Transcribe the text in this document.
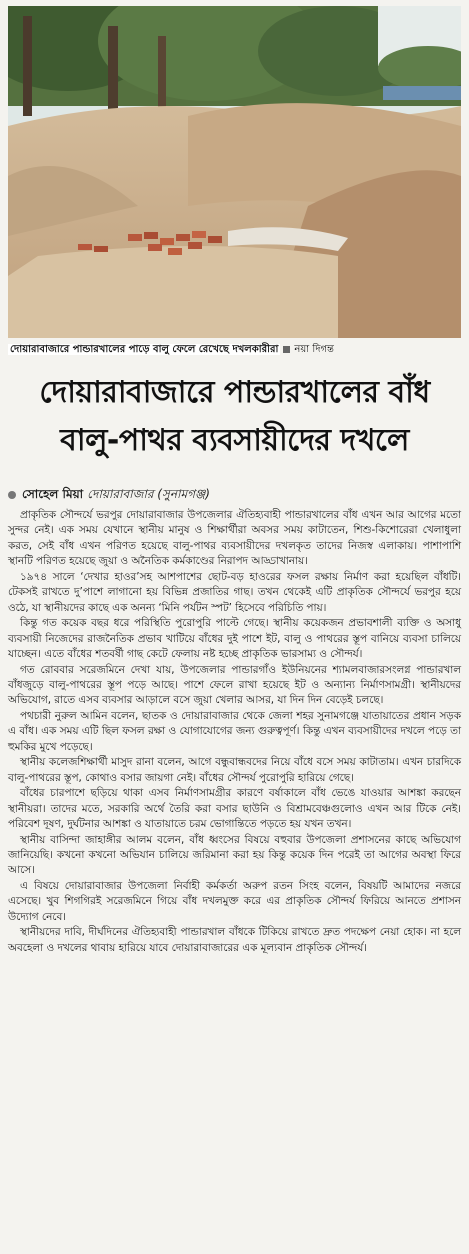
দোয়ারাবাজারে পান্ডারখালের পাড়ে বালু ফেলে রেখেছে দখলকারীরা নয়া দিগন্ত
দোয়ারাবাজারে পান্ডারখালের বাঁধ
বালু-পাথর ব্যবসায়ীদের দখলে
সোহেল মিয়া দোয়ারাবাজার (সুনামগঞ্জ)

প্রাকৃতিক সৌন্দর্যে ভরপুর দোয়ারাবাজার উপজেলার ঐতিহ্যবাহী পান্ডারখালের বাঁধ এখন আর আগের মতো সুন্দর নেই। এক সময় যেখানে স্থানীয় মানুষ ও শিক্ষার্থীরা অবসর সময় কাটাতেন, শিশু-কিশোরেরা খেলাধুলা করত, সেই বাঁধ এখন পরিণত হয়েছে বালু-পাথর ব্যবসায়ীদের দখলকৃত তাদের নিজস্ব এলাকায়। পাশাপাশি স্থানটি পরিণত হয়েছে জুয়া ও অনৈতিক কর্মকাণ্ডের নিরাপদ আড্ডাখানায়।

১৯৭৪ সালে ‘দেখার হাওর’সহ আশপাশের ছোট-বড় হাওরের ফসল রক্ষায় নির্মাণ করা হয়েছিল বাঁধটি। টেকসই রাখতে দু’পাশে লাগানো হয় বিভিন্ন প্রজাতির গাছ। তখন থেকেই এটি প্রাকৃতিক সৌন্দর্যে ভরপুর হয়ে ওঠে, যা স্থানীয়দের কাছে এক অনন্য ‘মিনি পর্যটন স্পট’ হিসেবে পরিচিতি পায়।

কিন্তু গত কয়েক বছর ধরে পরিস্থিতি পুরোপুরি পাল্টে গেছে। স্থানীয় কয়েকজন প্রভাবশালী ব্যক্তি ও অসাধু ব্যবসায়ী নিজেদের রাজনৈতিক প্রভাব খাটিয়ে বাঁধের দুই পাশে ইট, বালু ও পাথরের স্তূপ বানিয়ে ব্যবসা চালিয়ে যাচ্ছেন। এতে বাঁধের শতবর্ষী গাছ কেটে ফেলায় নষ্ট হচ্ছে প্রাকৃতিক ভারসাম্য ও সৌন্দর্য।

গত রোববার সরেজমিনে দেখা যায়, উপজেলার পান্ডারগাঁও ইউনিয়নের শ্যামলবাজারসংলগ্ন পান্ডারখাল বাঁধজুড়ে বালু-পাথরের স্তূপ পড়ে আছে। পাশে ফেলে রাখা হয়েছে ইট ও অন্যান্য নির্মাণসামগ্রী। স্থানীয়দের অভিযোগ, রাতে এসব ব্যবসার আড়ালে বসে জুয়া খেলার আসর, যা দিন দিন বেড়েই চলছে।

পথচারী নুরুল আমিন বলেন, ছাতক ও দোয়ারাবাজার থেকে জেলা শহর সুনামগঞ্জে যাতায়াতের প্রধান সড়ক এ বাঁধ। এক সময় এটি ছিল ফসল রক্ষা ও যোগাযোগের জন্য গুরুত্বপূর্ণ। কিন্তু এখন ব্যবসায়ীদের দখলে পড়ে তা হুমকির মুখে পড়েছে।

স্থানীয় কলেজশিক্ষার্থী মাসুদ রানা বলেন, আগে বন্ধুবান্ধবদের নিয়ে বাঁধে বসে সময় কাটাতাম। এখন চারদিকে বালু-পাথরের স্তূপ, কোথাও বসার জায়গা নেই। বাঁধের সৌন্দর্য পুরোপুরি হারিয়ে গেছে।

বাঁধের চারপাশে ছড়িয়ে থাকা এসব নির্মাণসামগ্রীর কারণে বর্ষাকালে বাঁধ ভেঙে যাওয়ার আশঙ্কা করছেন স্থানীয়রা। তাদের মতে, সরকারি অর্থে তৈরি করা বসার ছাউনি ও বিশ্রামবেঞ্চগুলোও এখন আর টিকে নেই। পরিবেশ দূষণ, দুর্ঘটনার আশঙ্কা ও যাতায়াতে চরম ভোগান্তিতে পড়তে হয় যখন তখন।

স্থানীয় বাসিন্দা জাহাঙ্গীর আলম বলেন, বাঁধ ধ্বংসের বিষয়ে বহুবার উপজেলা প্রশাসনের কাছে অভিযোগ জানিয়েছি। কখনো কখনো অভিযান চালিয়ে জরিমানা করা হয় কিন্তু কয়েক দিন পরেই তা আগের অবস্থা ফিরে আসে।

এ বিষয়ে দোয়ারাবাজার উপজেলা নির্বাহী কর্মকর্তা অরুপ রতন সিংহ বলেন, বিষয়টি আমাদের নজরে এসেছে। খুব শিগগিরই সরেজমিনে গিয়ে বাঁধ দখলমুক্ত করে এর প্রাকৃতিক সৌন্দর্য ফিরিয়ে আনতে প্রশাসন উদ্যোগ নেবে।

স্থানীয়দের দাবি, দীর্ঘদিনের ঐতিহ্যবাহী পান্ডারখাল বাঁধকে টিকিয়ে রাখতে দ্রুত পদক্ষেপ নেয়া হোক। না হলে অবহেলা ও দখলের থাবায় হারিয়ে যাবে দোয়ারাবাজারের এক মূল্যবান প্রাকৃতিক সৌন্দর্য।
